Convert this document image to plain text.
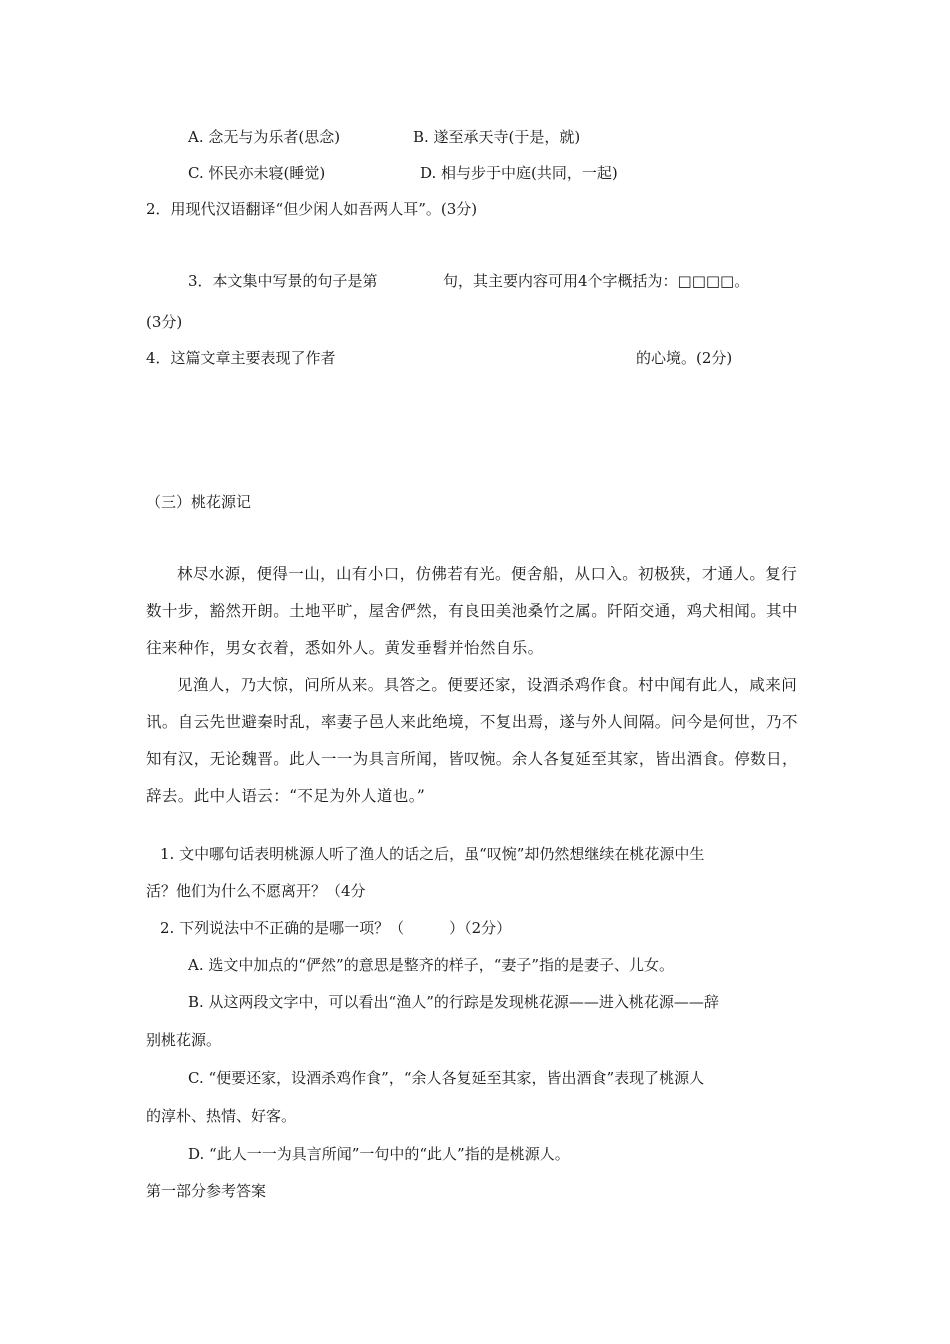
A. 念无与为乐者(思念)	B. 遂至承天寺(于是，就)
C. 怀民亦未寝(睡觉)	D. 相与步于中庭(共同，一起)
2．用现代汉语翻译“但少闲人如吾两人耳”。(3分)
3．本文集中写景的句子是第	句，其主要内容可用4个字概括为：□□□□。
(3分)
4．这篇文章主要表现了作者	的心境。(2分)
（三）桃花源记

林尽水源，便得一山，山有小口，仿佛若有光。便舍船，从口入。初极狭，才通人。复行数十步，豁然开朗。土地平旷，屋舍俨然，有良田美池桑竹之属。阡陌交通，鸡犬相闻。其中往来种作，男女衣着，悉如外人。黄发垂髫并怡然自乐。

见渔人，乃大惊，问所从来。具答之。便要还家，设酒杀鸡作食。村中闻有此人，咸来问讯。自云先世避秦时乱，率妻子邑人来此绝境，不复出焉，遂与外人间隔。问今是何世，乃不知有汉，无论魏晋。此人一一为具言所闻，皆叹惋。余人各复延至其家，皆出酒食。停数日，辞去。此中人语云：“不足为外人道也。”

1. 文中哪句话表明桃源人听了渔人的话之后，虽“叹惋”却仍然想继续在桃花源中生
活？他们为什么不愿离开？（4分
2. 下列说法中不正确的是哪一项？（　　　）（2分）
A. 选文中加点的“俨然”的意思是整齐的样子，“妻子”指的是妻子、儿女。
B. 从这两段文字中，可以看出“渔人”的行踪是发现桃花源——进入桃花源——辞
别桃花源。
C. “便要还家，设酒杀鸡作食”，“余人各复延至其家，皆出酒食”表现了桃源人
的淳朴、热情、好客。
D. “此人一一为具言所闻”一句中的“此人”指的是桃源人。
第一部分参考答案
